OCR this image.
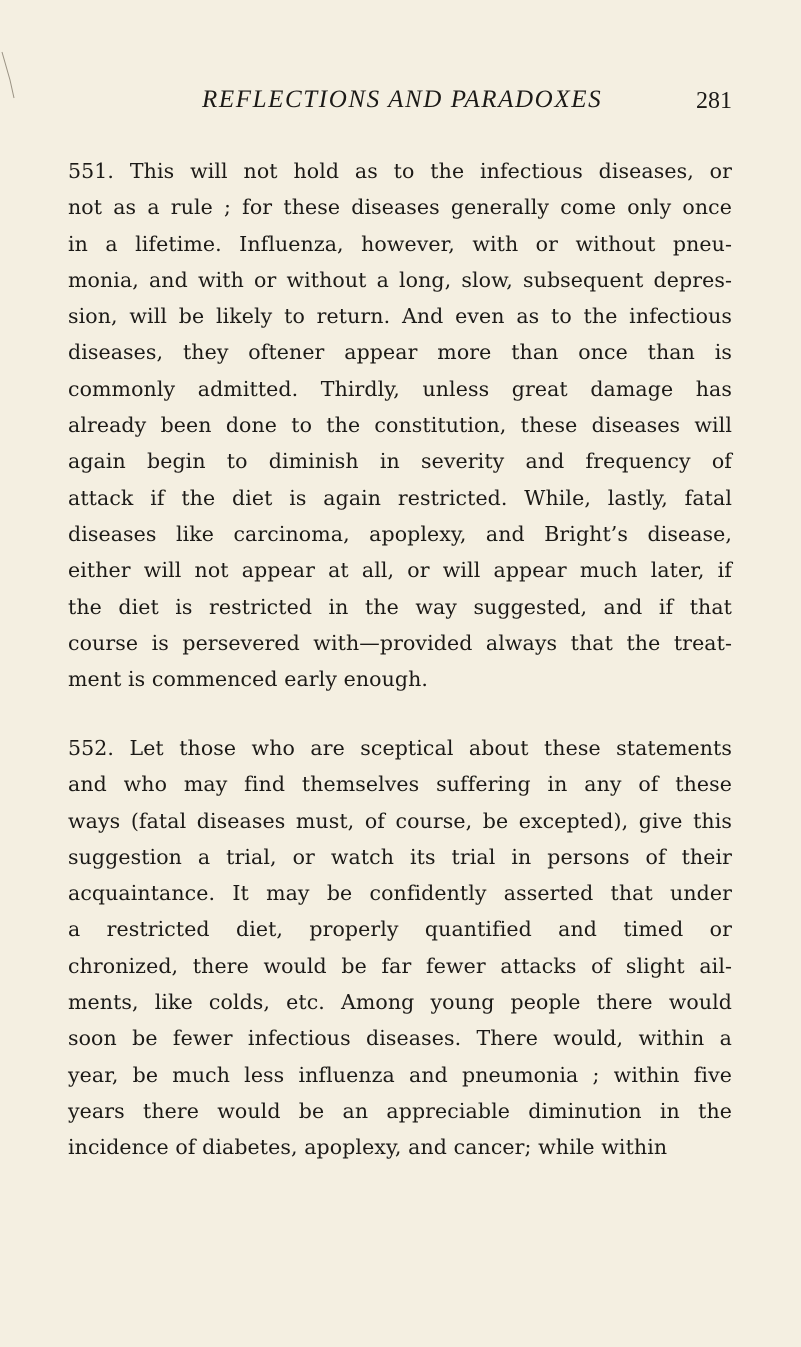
REFLECTIONS AND PARADOXES	281

551. This will not hold as to the infectious diseases, or
not as a rule ; for these diseases generally come only once
in a lifetime. Influenza, however, with or without pneu-
monia, and with or without a long, slow, subsequent depres-
sion, will be likely to return. And even as to the infectious
diseases, they oftener appear more than once than is
commonly admitted. Thirdly, unless great damage has
already been done to the constitution, these diseases will
again begin to diminish in severity and frequency of
attack if the diet is again restricted. While, lastly, fatal
diseases like carcinoma, apoplexy, and Bright’s disease,
either will not appear at all, or will appear much later, if
the diet is restricted in the way suggested, and if that
course is persevered with—provided always that the treat-
ment is commenced early enough.

552. Let those who are sceptical about these statements
and who may find themselves suffering in any of these
ways (fatal diseases must, of course, be excepted), give this
suggestion a trial, or watch its trial in persons of their
acquaintance. It may be confidently asserted that under
a restricted diet, properly quantified and timed or
chronized, there would be far fewer attacks of slight ail-
ments, like colds, etc. Among young people there would
soon be fewer infectious diseases. There would, within a
year, be much less influenza and pneumonia ; within five
years there would be an appreciable diminution in the
incidence of diabetes, apoplexy, and cancer; while within
